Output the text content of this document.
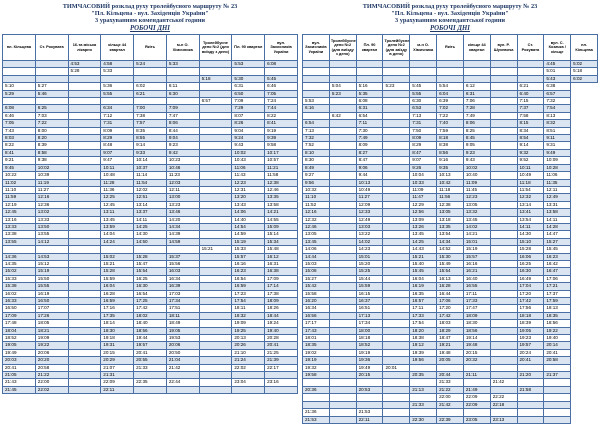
ТИМЧАСОВИЙ розклад руху тролейбусного маршруту № 23
"Пл. Кільцева - вул. Західенців України"
3 урахуванням комендантської години
РОБОЧІ ДНІ
пл. Кільцева	Ст. Рокувата	16-та міська лікарня	кільце 44 квартал	Якіть	м-н О. Хімичника	Тролейбусне депо №2 (для виїзду з депо)	Пл. 90 квартал	вул. Захисників України
		4:53	4:58	5:24	5:33		5:53	6:08
		5:28	5:33					
						5:18	5:30	5:45
5:10	5:27		5:36	6:02	6:11		6:31	6:46
5:29	5:46		5:55	6:21	6:30		6:50	7:05
						6:57	7:09	7:24
6:08	6:25		6:34	7:00	7:09		7:29	7:44
6:46	7:03		7:12	7:38	7:47		8:07	8:22
7:05	7:22		7:31	7:57	8:06		8:26	8:41
7:43	8:00		8:09	8:35	8:44		9:04	9:19
8:03	8:20		8:29	8:55	9:04		9:24	9:39
8:22	8:39		8:48	9:14	9:23		9:43	9:58
8:41	8:58		9:07	9:33	9:42		10:02	10:17
9:21	9:38		9:47	10:14	10:23		10:43	10:57
9:45	10:02		10:11	10:37	10:46		11:06	11:21
10:22	10:39		10:48	11:14	11:23		11:43	11:58
11:02	11:19		11:28	11:54	12:03		12:23	12:38
11:10	11:27		11:36	12:02	12:11		12:31	12:46
11:59	12:16		12:25	12:51	13:00		13:20	13:35
12:19	12:36		12:45	13:14	13:23		13:43	13:58
12:45	13:02		13:11	13:37	13:46		14:06	14:21
13:16	13:33		13:45	14:11	14:20		14:40	14:55
13:33	13:50		13:59	14:25	14:34		14:54	15:09
13:38	13:55		14:04	14:30	14:39		14:59	15:14
13:55	14:12		14:24	14:50	14:59		15:19	15:34
						15:21	15:33	15:48
14:36	14:53		15:02	15:28	15:37		15:57	16:12
14:35	15:12		15:21	15:47	15:56		16:16	16:31
15:02	15:19		15:28	15:54	16:03		16:23	16:38
15:33	15:50		15:59	16:25	16:34		16:54	17:09
15:38	15:55		16:04	16:30	16:39		16:59	17:14
16:02	16:19		16:28	16:54	17:03		17:23	17:38
16:33	16:50		16:59	17:25	17:34		17:54	18:09
16:50	17:07		17:16	17:42	17:51		18:11	18:26
17:09	17:26		17:35	18:02	18:11		18:32	18:44
17:48	18:05		18:14	18:40	18:49		19:09	19:24
18:04	18:21		18:30	18:56	19:05		19:25	19:40
18:52	19:09		19:18	19:44	19:53		20:13	20:28
19:05	19:22		19:31	19:57	20:06		20:26	20:41
19:49	20:06		20:15	20:41	20:50		21:10	21:25
20:03	20:20		20:29	20:55	21:04		21:24	21:39
20:41	20:58		21:07	21:33	21:42		22:02	22:17
21:05	21:22		21:31					
21:43	22:00		22:09	22:35	22:44		23:04	23:16
21:45	22:02		22:11					
ТИМЧАСОВИЙ розклад руху тролейбусного маршруту № 23
"Пл. Кільцева - вул. Західенців України"
3 урахуванням комендантської години
РОБОЧІ ДНІ
вул. Захисників України	Тролейбусне депо №2 (для виїзду з депо)	Пл. 90 квартал	Тролейбусне депо №2 (для заїзду в депо)	м-н О. Хімичника	Якіть	кільце 44 квартал	вул. Р. Шухевича	Ст. Рокувата	вул. С. Козачка / кільце	пл. Кільцева
									4:45	5:02
									5:01	5:18
									5:43	6:02
	5:04	5:16	5:23	5:45	5:54	6:12		6:21	6:38	
	5:23	5:35		5:55	6:04	6:31		6:40	6:57	
5:53		6:08		6:30	6:39	7:06		7:15	7:32	
6:16		6:31		6:53	7:02	7:28		7:37	7:54	
	6:42	6:54		7:13	7:22	7:49		7:58	8:13	
6:54		7:11		7:31	7:40	8:06		8:15	8:32	
7:13		7:30		7:50	7:59	8:25		8:34	8:51	
7:32		7:49		8:09	8:18	8:45		8:54	9:11	
7:52		8:09		8:29	8:38	9:05		9:14	9:31	
8:10		8:27		8:47	8:56	9:23		9:32	9:49	
8:30		8:47		9:07	9:16	9:43		9:52	10:09	
8:49		9:06		9:26	9:35	10:02		10:11	10:28	
9:27		9:44		10:04	10:13	10:40		10:49	11:06	
9:56		10:13		10:33	10:42	11:09		11:18	11:35	
10:32		10:49		11:09	11:18	11:45		11:54	12:11	
11:10		11:27		11:47	11:56	12:23		12:32	12:49	
11:52		12:09		12:29	12:38	13:05		13:14	13:31	
12:16		12:33		12:56	13:05	13:32		13:41	13:58	
12:32		12:49		13:09	13:18	13:45		13:54	14:11	
12:46		13:03		13:26	13:35	14:02		14:11	14:28	
13:05		13:22		13:45	13:54	14:21		14:30	14:47	
13:45		14:02		14:25	14:34	15:01		15:10	15:27	
14:06		14:23		14:43	14:52	15:19		15:28	15:45	
14:44		15:01		15:21	15:30	15:57		16:06	16:23	
15:03		15:20		15:40	15:49	16:16		16:25	16:42	
15:08		15:25		15:45	15:54	16:21		16:30	16:47	
15:27		15:44		16:04	16:13	16:40		16:49	17:06	
15:42		15:59		16:19	16:28	16:55		17:04	17:21	
15:58		16:15		16:35	16:44	17:11		17:20	17:37	
16:20		16:37		16:57	17:06	17:33		17:42	17:59	
16:34		16:51		17:11	17:20	17:47		17:56	18:13	
16:56		17:13		17:33	17:42	18:09		18:18	18:35	
17:17		17:34		17:54	18:03	18:30		18:39	18:56	
17:43		18:00		18:20	18:29	18:56		19:05	19:22	
18:01		18:18		18:38	18:47	19:14		19:23	19:40	
18:35		18:52		19:12	19:21	19:48		19:57	20:14	
19:02		19:19		19:39	19:48	20:15		20:24	20:41	
19:19		19:36		19:56	20:05	20:32		20:41	20:58	
19:32		19:49	20:01							
19:58		20:15		20:35	20:44	21:11		21:20	21:37	
					21:33		21:42			
20:36		20:53		21:13	21:22	21:49		21:58		
					22:00	22:09	22:22			
				21:33	21:42	22:09	22:18			
21:36		21:53								
21:53		22:11		22:30	22:39	23:05	23:13			
